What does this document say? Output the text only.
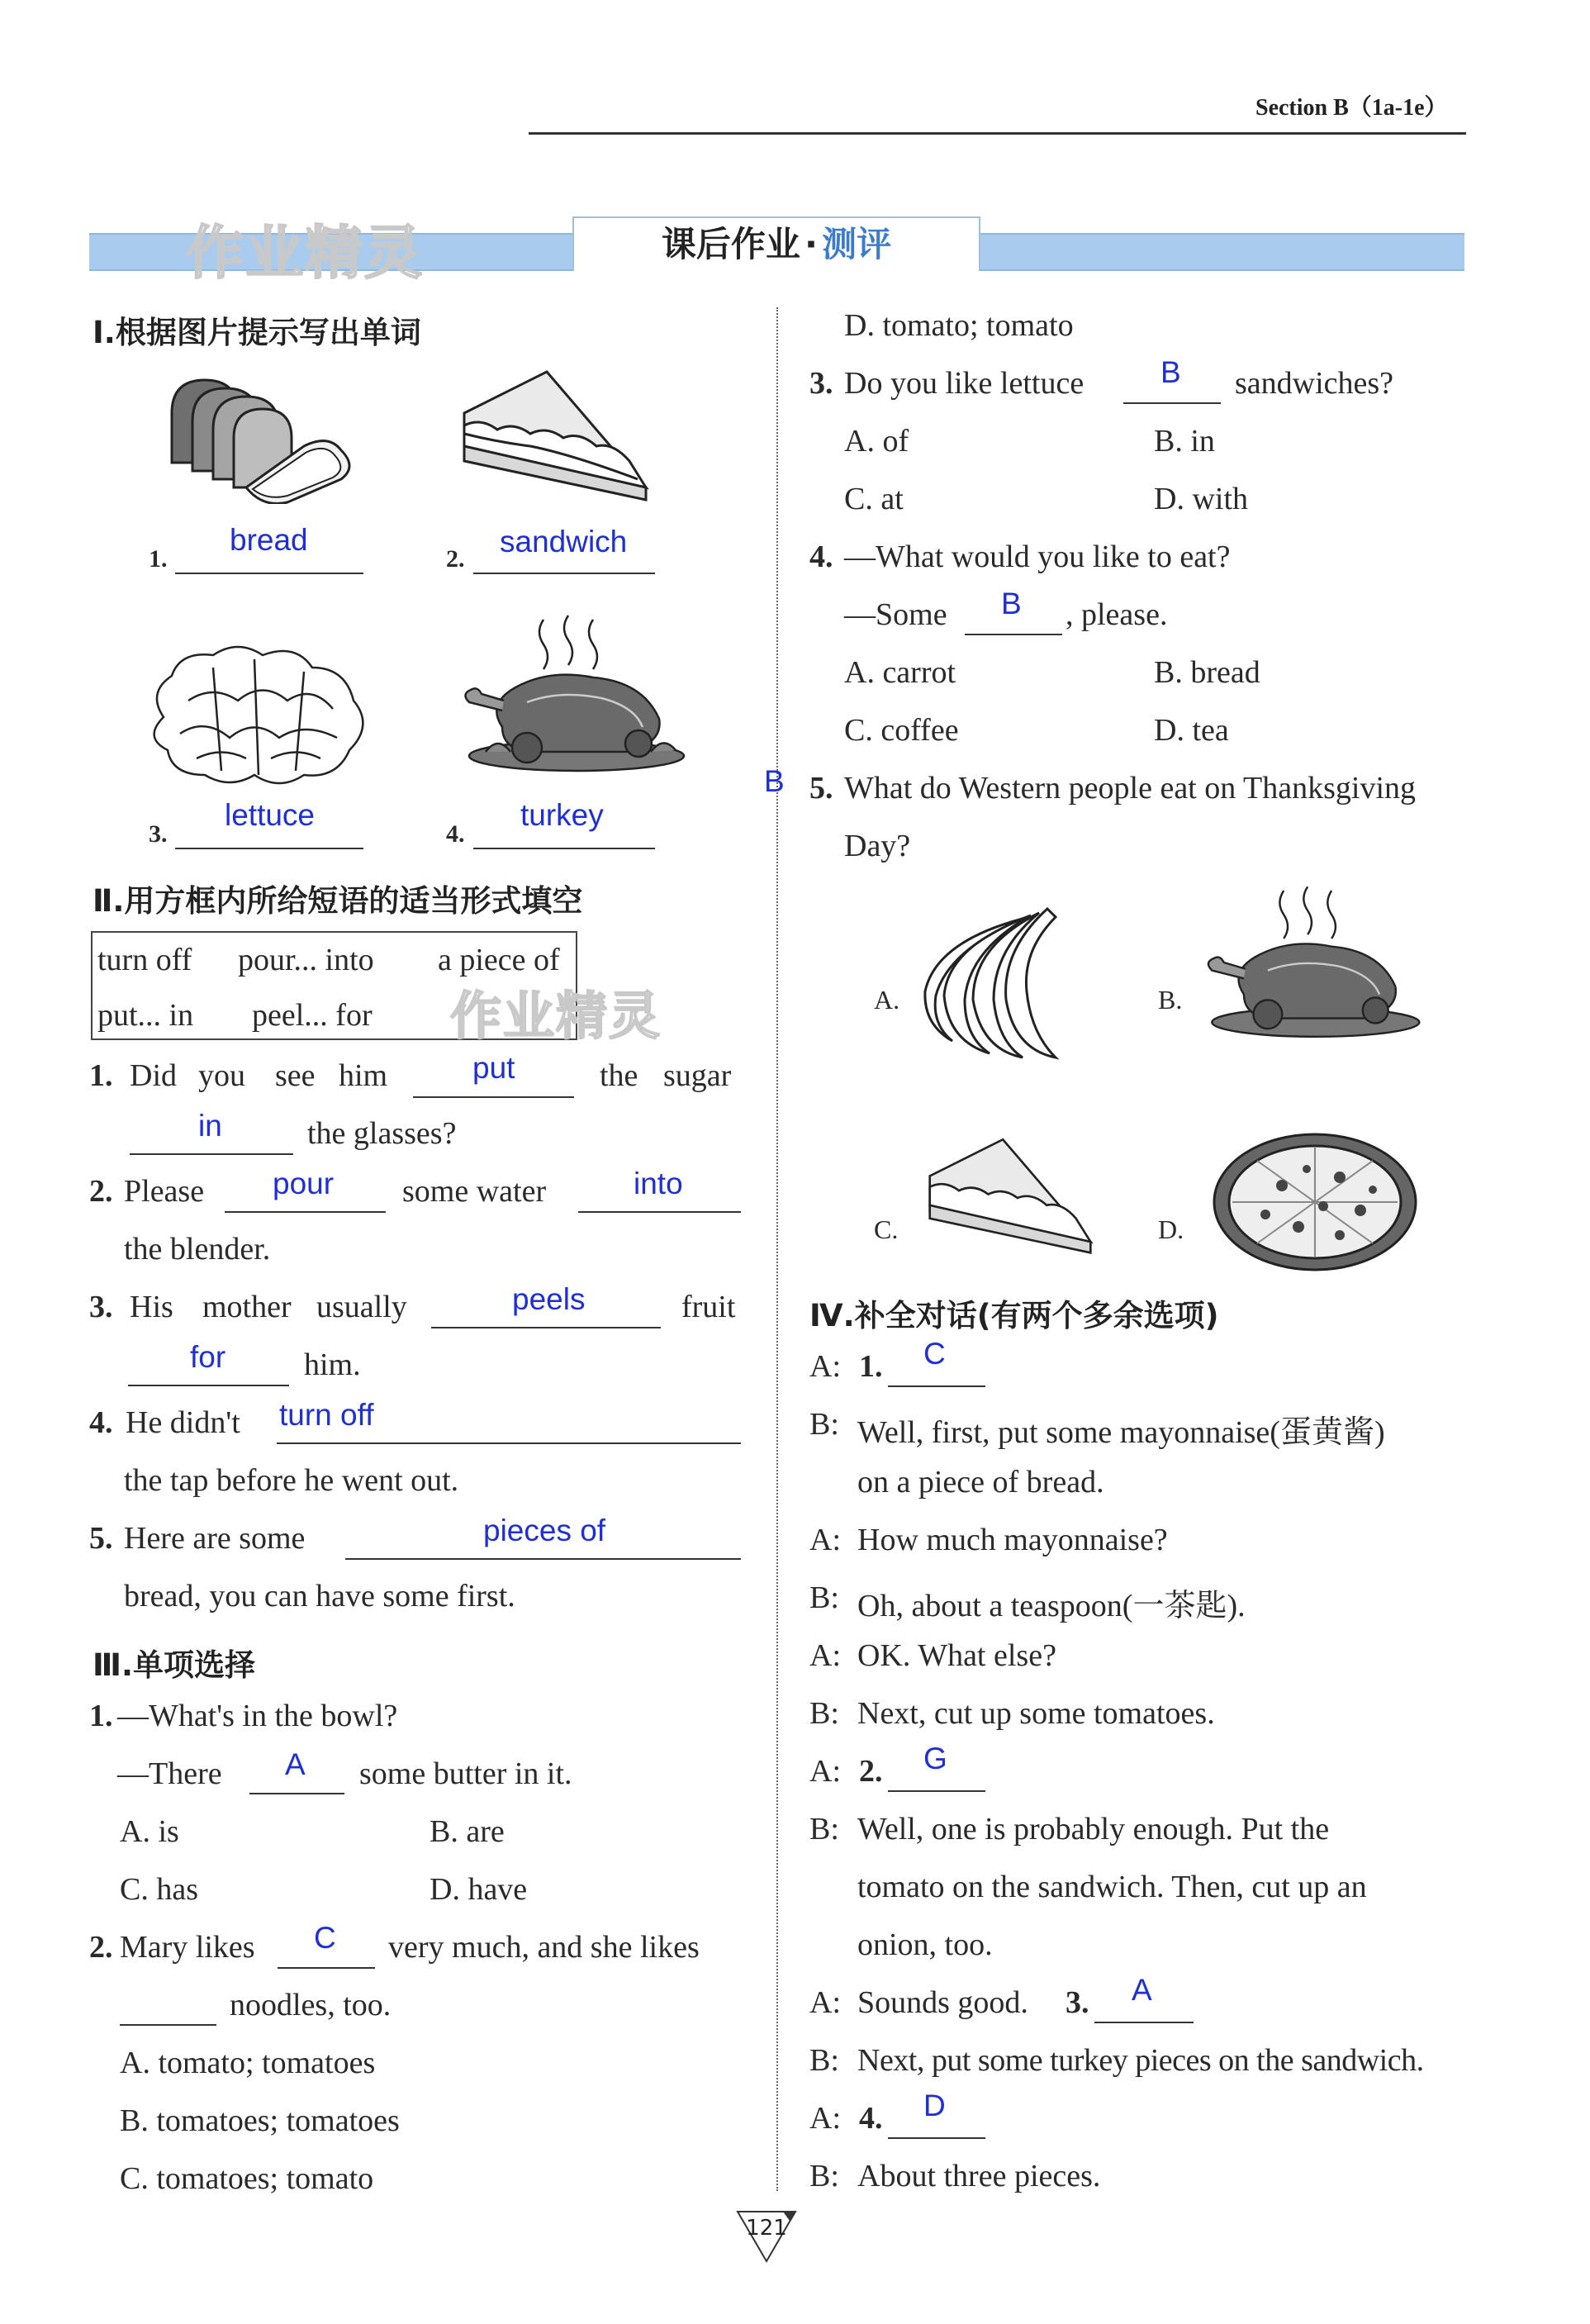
Section B（1a-1e）
作业精灵	课后作业 · 测评
Ⅰ.根据图片提示写出单词
1.
bread
2.
sandwich
3.
lettuce
4.
turkey
Ⅱ.用方框内所给短语的适当形式填空
turn off pour... into a piece of
put... in peel... for 作业精灵
1. Did you see him	put	the sugar
in	the glasses?
2. Please pour some water	into
the blender.
3. His mother usually	peels	fruit
for him.
4. He didn't turn off
the tap before he went out.
5. Here are some	pieces of
bread, you can have some first.
Ⅲ.单项选择
1. —What's in the bowl?
—There A some butter in it.
A. is	B. are
C. has	D. have
2. Mary likes C very much, and she likes
noodles, too.
A. tomato; tomatoes
B. tomatoes; tomatoes
C. tomatoes; tomato
D. tomato; tomato
3. Do you like lettuce	B sandwiches?
A. of	B. in
C. at	D. with
4. —What would you like to eat?
—Some B , please.
A. carrot	B. bread
C. coffee	D. tea
B 5. What do Western people eat on Thanksgiving
Day?
A.	B.
C.	D.
Ⅳ.补全对话(有两个多余选项)
A: 1. C
B: Well, first, put some mayonnaise(蛋黄酱)
on a piece of bread.
A: How much mayonnaise?
B: Oh, about a teaspoon(一茶匙).
A: OK. What else?
B: Next, cut up some tomatoes.
A: 2. G
B: Well, one is probably enough. Put the
tomato on the sandwich. Then, cut up an
onion, too.
A: Sounds good. 3. A
B: Next, put some turkey pieces on the sandwich.
A: 4. D
B: About three pieces.
121
